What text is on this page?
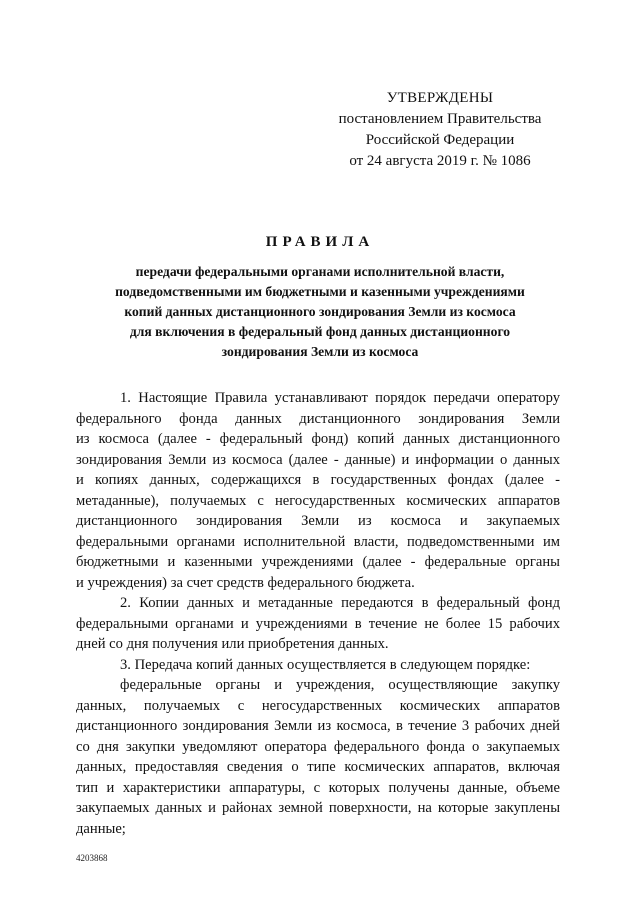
УТВЕРЖДЕНЫ
постановлением Правительства
Российской Федерации
от 24 августа 2019 г. № 1086
ПРАВИЛА
передачи федеральными органами исполнительной власти,
подведомственными им бюджетными и казенными учреждениями
копий данных дистанционного зондирования Земли из космоса
для включения в федеральный фонд данных дистанционного
зондирования Земли из космоса

1. Настоящие Правила устанавливают порядок передачи оператору
федерального фонда данных дистанционного зондирования Земли
из космоса (далее - федеральный фонд) копий данных дистанционного
зондирования Земли из космоса (далее - данные) и информации о данных
и копиях данных, содержащихся в государственных фондах (далее -
метаданные), получаемых с негосударственных космических аппаратов
дистанционного зондирования Земли из космоса и закупаемых
федеральными органами исполнительной власти, подведомственными им
бюджетными и казенными учреждениями (далее - федеральные органы
и учреждения) за счет средств федерального бюджета.

2. Копии данных и метаданные передаются в федеральный фонд
федеральными органами и учреждениями в течение не более 15 рабочих
дней со дня получения или приобретения данных.

3. Передача копий данных осуществляется в следующем порядке:

федеральные органы и учреждения, осуществляющие закупку
данных, получаемых с негосударственных космических аппаратов
дистанционного зондирования Земли из космоса, в течение 3 рабочих дней
со дня закупки уведомляют оператора федерального фонда о закупаемых
данных, предоставляя сведения о типе космических аппаратов, включая
тип и характеристики аппаратуры, с которых получены данные, объеме
закупаемых данных и районах земной поверхности, на которые закуплены
данные;

4203868
